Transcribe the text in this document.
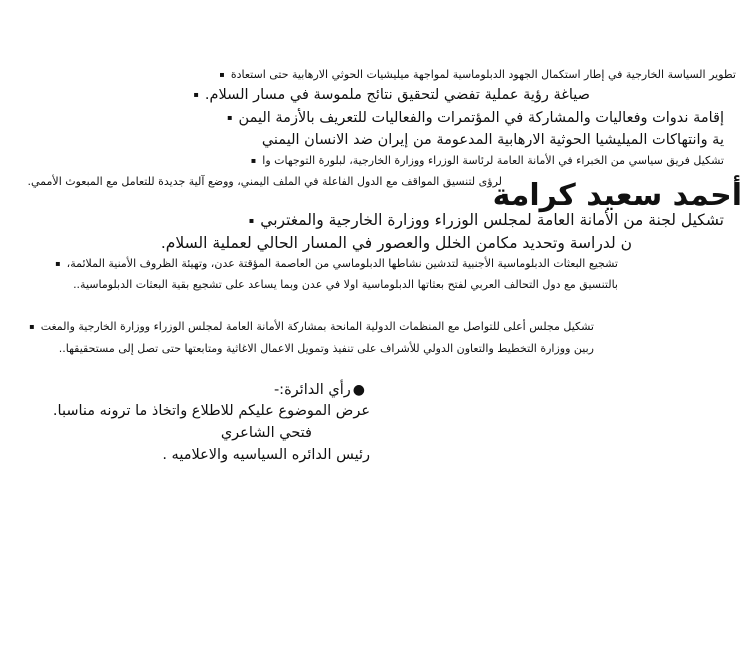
تطوير السياسة الخارجية في إطار استكمال الجهود الدبلوماسية لمواجهة ميليشيات الحوثي الارهابية حتى استعادة ▪
صياغة رؤية عملية تفضي لتحقيق نتائج ملموسة في مسار السلام. ▪
إقامة ندوات وفعاليات والمشاركة في المؤتمرات والفعاليات للتعريف بالأزمة اليمن ▪
ية وانتهاكات الميليشيا الحوثية الارهابية المدعومة من إيران ضد الانسان اليمني
تشكيل فريق سياسي من الخبراء في الأمانة العامة لرئاسة الوزراء ووزارة الخارجية، لبلورة التوجهات وا ▪
لرؤى لتنسيق المواقف مع الدول الفاعلة في الملف اليمني، ووضع آلية جديدة للتعامل مع المبعوث الأممي.
أحمد سعيد كرامة
تشكيل لجنة من الأمانة العامة لمجلس الوزراء ووزارة الخارجية والمغتربي ▪
ن لدراسة وتحديد مكامن الخلل والعصور في المسار الحالي لعملية السلام.
تشجيع البعثات الدبلوماسية الأجنبية لتدشين نشاطها الدبلوماسي من العاصمة المؤقتة عدن، وتهيئة الظروف الأمنية الملائمة، ▪
بالتنسيق مع دول التحالف العربي لفتح بعثاتها الدبلوماسية اولا في عدن وبما يساعد على تشجيع بقية البعثات الدبلوماسية..
تشكيل مجلس أعلى للتواصل مع المنظمات الدولية المانحة بمشاركة الأمانة العامة لمجلس الوزراء ووزارة الخارجية والمغت ▪
ربين ووزارة التخطيط والتعاون الدولي للأشراف على تنفيذ وتمويل الاعمال الاغاثية ومتابعتها حتى تصل إلى مستحقيقها..
● رأي الدائرة:-
عرض الموضوع عليكم للاطلاع واتخاذ ما ترونه مناسبا.
فتحي الشاعري
رئيس الدائره السياسيه والاعلاميه .
